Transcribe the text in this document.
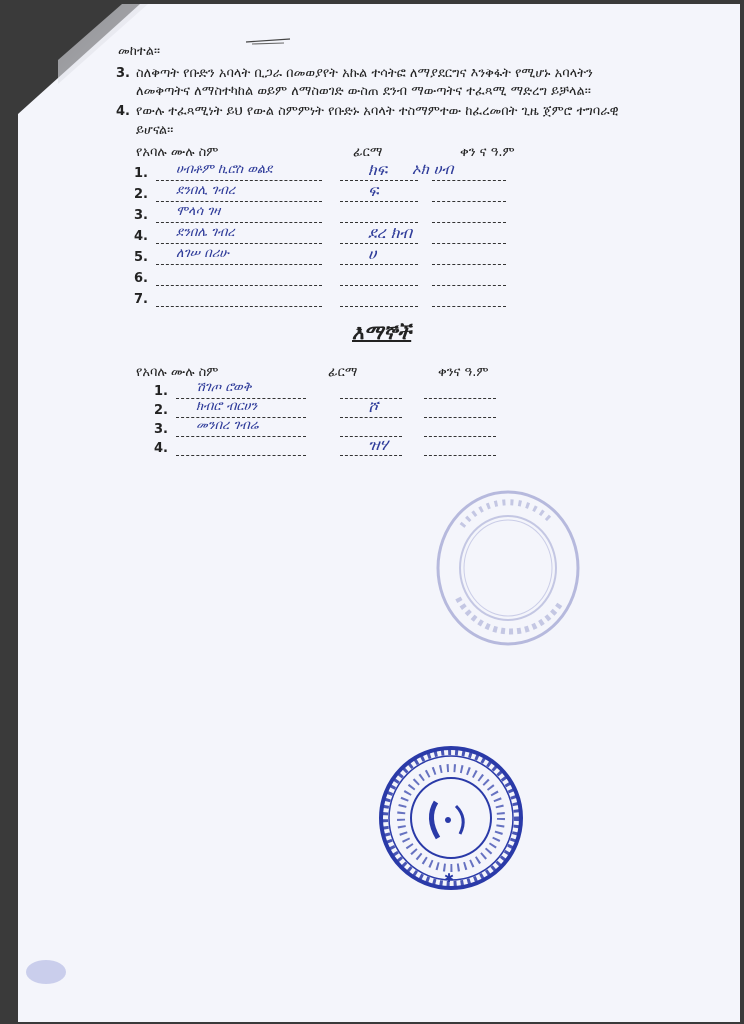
መከተል፡፡
3. ስለቅጣት የቡድን አባላት ቢጋራ በመወያየት አኩል ተሳትፎ ለማያደርግና እንቅፋት የሚሆኑ አባላትን
ለመቅጣትና ለማስተካከል ወይም ለማስወገድ ውስጠ ደንብ ማውጣትና ተፈጻሚ ማድረግ ይቻላል፡፡
4. የውሉ ተፈጻሚነት ይህ የውል ስምምነት የቡድኑ አባላት ተስማምተው ከፈረመበት ጊዜ ጀምሮ ተግባራዊ
ይሆናል፡፡
የአባሉ ሙሉ ስም	ፊርማ	ቀን ና ዓ.ም
1. ሀብቶም ኪሮስ ወልደ	ክፍ ኦክ ሀብ
2. ደንበሊ ገብረ	ፍ
3. ሞላሳ ገዛ
4. ደንበሌ ገብረ	ደረ ክብ
5. ለገሠ በሪሁ	ሀ
6.
7.
እማኞች
የአባሉ ሙሉ ስም	ፊርማ	ቀንና ዓ.ም
1. ሽገጦ ሮወቅ
2. ክብሮ ብርሀን	ሾ
3. መንበረ ገብሬ
4.	ዝሃ
✱
